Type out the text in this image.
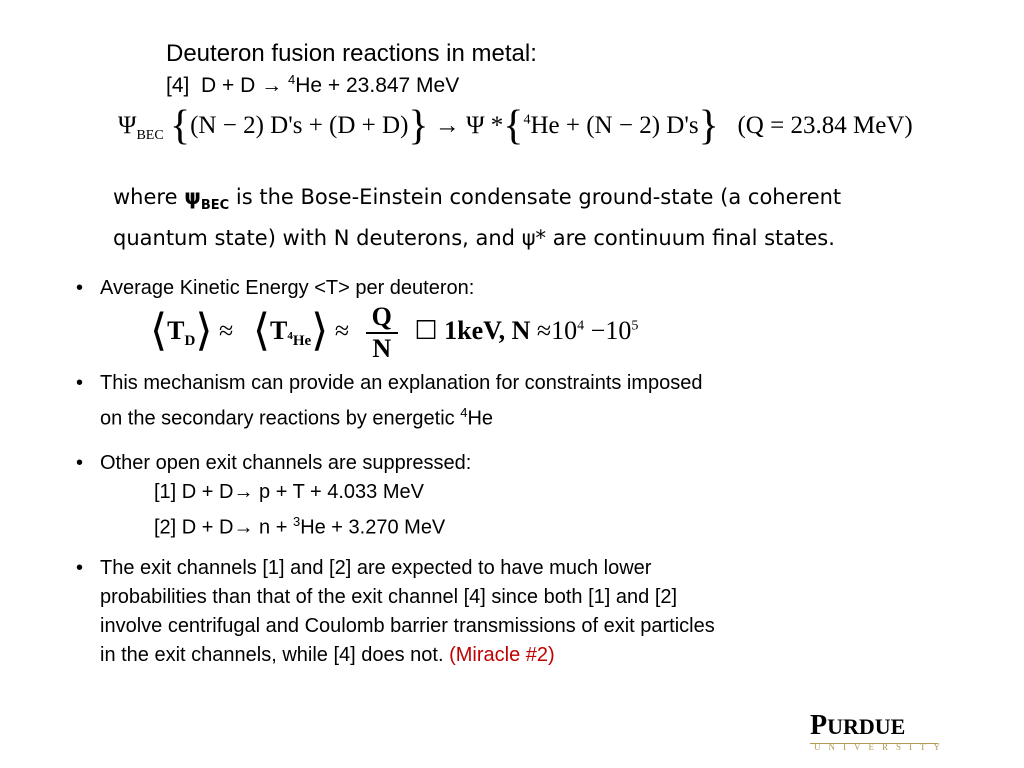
Deuteron fusion reactions in metal:
[4] D + D → $^4$He + 23.847 MeV
$\Psi_{BEC}$ {(N − 2) D's + (D + D)} → Ψ *{$^4$He + (N − 2) D's} (Q = 23.84 MeV)
where $\psi_{BEC}$ is the Bose-Einstein condensate ground-state (a coherent
quantum state) with N deuterons, and ψ* are continuum final states.
• Average Kinetic Energy <T> per deuteron:
$⟨T_D⟩$ ≈ $⟨T_{^4He}⟩ \approx \frac{Q}{N}$ ☐ 1keV, $N \approx 10^4 -10^5$
• This mechanism can provide an explanation for constraints imposed
on the secondary reactions by energetic $^4$He
• Other open exit channels are suppressed:
[1] D + D→ p + T + 4.033 MeV
[2] D + D→ n + $^3$He + 3.270 MeV
• The exit channels [1] and [2] are expected to have much lower
probabilities than that of the exit channel [4] since both [1] and [2]
involve centrifugal and Coulomb barrier transmissions of exit particles
in the exit channels, while [4] does not. (Miracle #2)
PURDUE
UNIVERSITY
